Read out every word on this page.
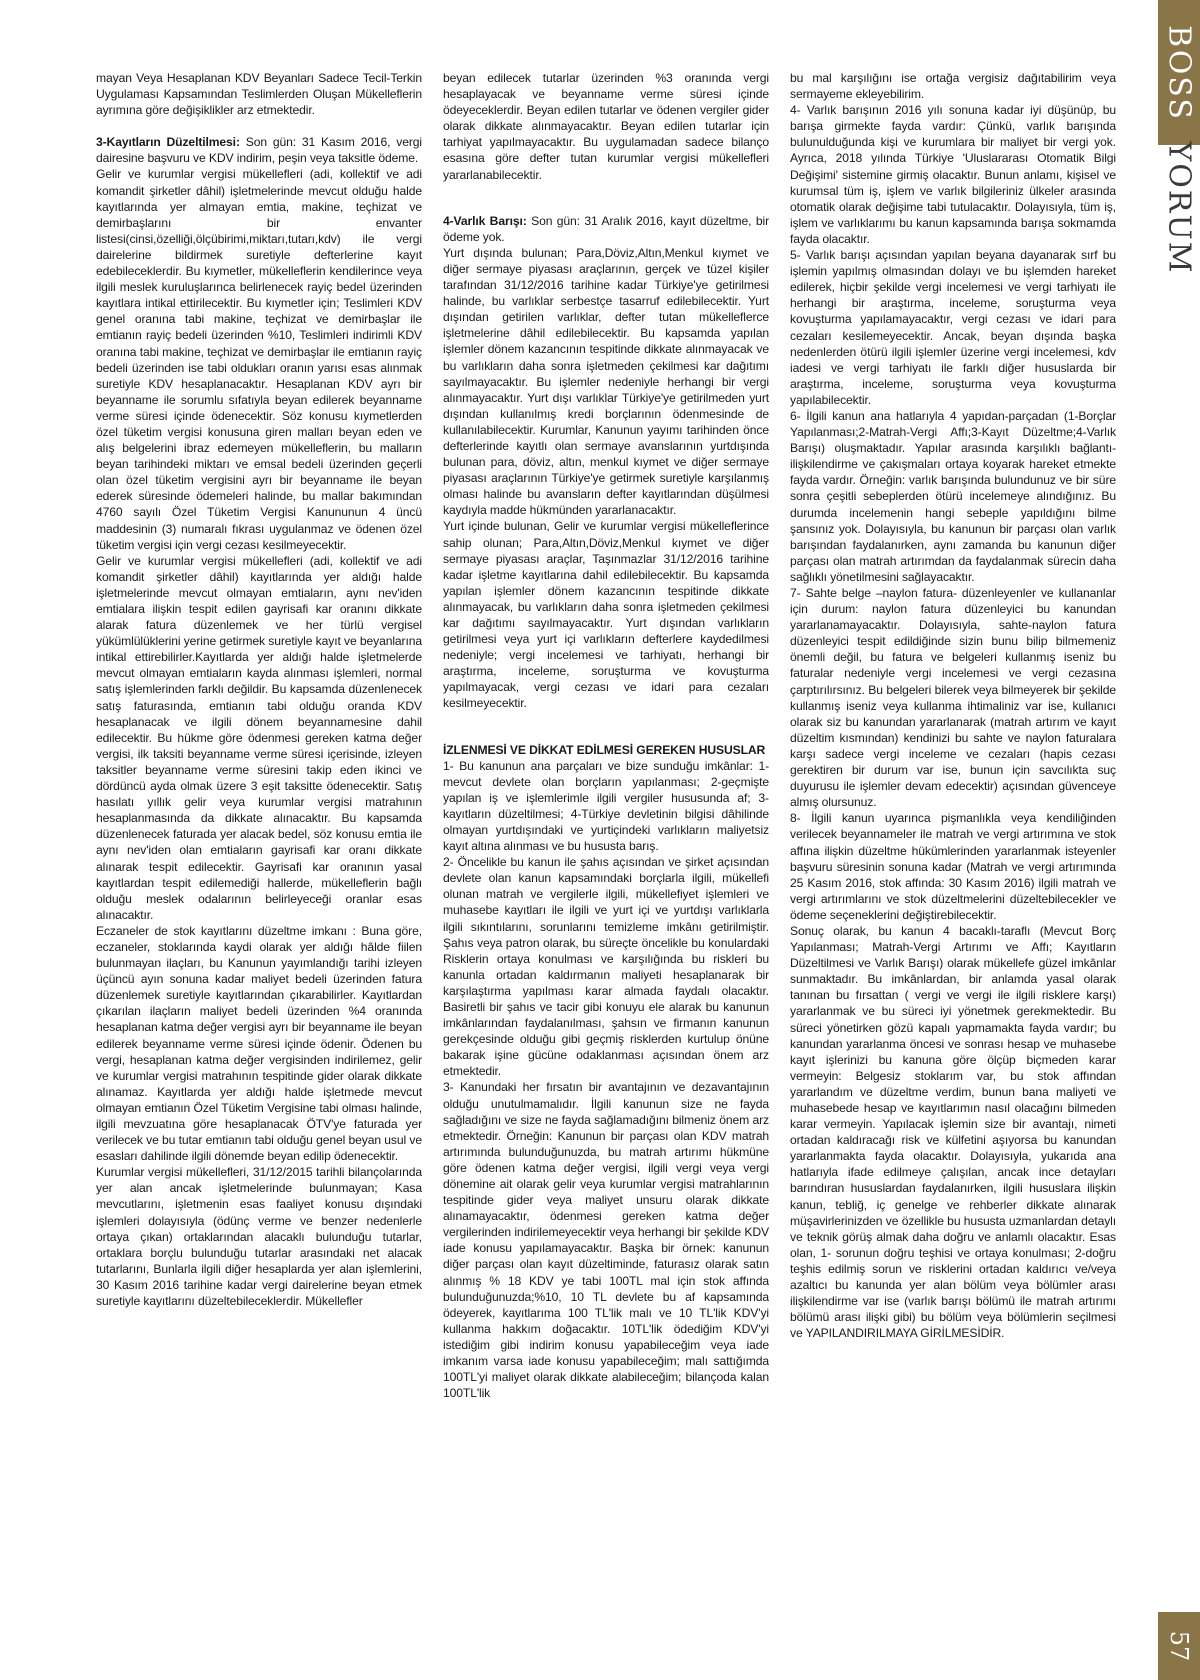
mayan Veya Hesaplanan KDV Beyanları Sadece Tecil-Terkin Uygulaması Kapsamından Teslimlerden Oluşan Mükelleflerin ayrımına göre değişiklikler arz etmektedir.

3-Kayıtların Düzeltilmesi: Son gün: 31 Kasım 2016, vergi dairesine başvuru ve KDV indirim, peşin veya taksitle ödeme.

Gelir ve kurumlar vergisi mükellefleri (adi, kollektif ve adi komandit şirketler dâhil) işletmelerinde mevcut olduğu halde kayıtlarında yer almayan emtia, makine, teçhizat ve demirbaşlarını bir envanter listesi(cinsi,özelliği,ölçübirimi,miktarı,tutarı,kdv) ile vergi dairelerine bildirmek suretiyle defterlerine kayıt edebileceklerdir. Bu kıymetler, mükelleflerin kendilerince veya ilgili meslek kuruluşlarınca belirlenecek rayiç bedel üzerinden kayıtlara intikal ettirilecektir. Bu kıymetler için; Teslimleri KDV genel oranına tabi makine, teçhizat ve demirbaşlar ile emtianın rayiç bedeli üzerinden %10, Teslimleri indirimli KDV oranına tabi makine, teçhizat ve demirbaşlar ile emtianın rayiç bedeli üzerinden ise tabi oldukları oranın yarısı esas alınmak suretiyle KDV hesaplanacaktır. Hesaplanan KDV ayrı bir beyanname ile sorumlu sıfatıyla beyan edilerek beyanname verme süresi içinde ödenecektir. Söz konusu kıymetlerden özel tüketim vergisi konusuna giren malları beyan eden ve alış belgelerini ibraz edemeyen mükelleflerin, bu malların beyan tarihindeki miktarı ve emsal bedeli üzerinden geçerli olan özel tüketim vergisini ayrı bir beyanname ile beyan ederek süresinde ödemeleri halinde, bu mallar bakımından 4760 sayılı Özel Tüketim Vergisi Kanununun 4 üncü maddesinin (3) numaralı fıkrası uygulanmaz ve ödenen özel tüketim vergisi için vergi cezası kesilmeyecektir.

Gelir ve kurumlar vergisi mükellefleri (adi, kollektif ve adi komandit şirketler dâhil) kayıtlarında yer aldığı halde işletmelerinde mevcut olmayan emtiaların, aynı nev'iden emtialara ilişkin tespit edilen gayrisafi kar oranını dikkate alarak fatura düzenlemek ve her türlü vergisel yükümlülüklerini yerine getirmek suretiyle kayıt ve beyanlarına intikal ettirebilirler.Kayıtlarda yer aldığı halde işletmelerde mevcut olmayan emtiaların kayda alınması işlemleri, normal satış işlemlerinden farklı değildir. Bu kapsamda düzenlenecek satış faturasında, emtianın tabi olduğu oranda KDV hesaplanacak ve ilgili dönem beyannamesine dahil edilecektir. Bu hükme göre ödenmesi gereken katma değer vergisi, ilk taksiti beyanname verme süresi içerisinde, izleyen taksitler beyanname verme süresini takip eden ikinci ve dördüncü ayda olmak üzere 3 eşit taksitte ödenecektir. Satış hasılatı yıllık gelir veya kurumlar vergisi matrahının hesaplanmasında da dikkate alınacaktır. Bu kapsamda düzenlenecek faturada yer alacak bedel, söz konusu emtia ile aynı nev'iden olan emtiaların gayrisafi kar oranı dikkate alınarak tespit edilecektir. Gayrisafi kar oranının yasal kayıtlardan tespit edilemediği hallerde, mükelleflerin bağlı olduğu meslek odalarının belirleyeceği oranlar esas alınacaktır.

Eczaneler de stok kayıtlarını düzeltme imkanı : Buna göre, eczaneler, stoklarında kaydi olarak yer aldığı hâlde fiilen bulunmayan ilaçları, bu Kanunun yayımlandığı tarihi izleyen üçüncü ayın sonuna kadar maliyet bedeli üzerinden fatura düzenlemek suretiyle kayıtlarından çıkarabilirler. Kayıtlardan çıkarılan ilaçların maliyet bedeli üzerinden %4 oranında hesaplanan katma değer vergisi ayrı bir beyanname ile beyan edilerek beyanname verme süresi içinde ödenir. Ödenen bu vergi, hesaplanan katma değer vergisinden indirilemez, gelir ve kurumlar vergisi matrahının tespitinde gider olarak dikkate alınamaz. Kayıtlarda yer aldığı halde işletmede mevcut olmayan emtianın Özel Tüketim Vergisine tabi olması halinde, ilgili mevzuatına göre hesaplanacak ÖTV'ye faturada yer verilecek ve bu tutar emtianın tabi olduğu genel beyan usul ve esasları dahilinde ilgili dönemde beyan edilip ödenecektir.

Kurumlar vergisi mükellefleri, 31/12/2015 tarihli bilançolarında yer alan ancak işletmelerinde bulunmayan; Kasa mevcutlarını, işletmenin esas faaliyet konusu dışındaki işlemleri dolayısıyla (ödünç verme ve benzer nedenlerle ortaya çıkan) ortaklarından alacaklı bulunduğu tutarlar, ortaklara borçlu bulunduğu tutarlar arasındaki net alacak tutarlarını, Bunlarla ilgili diğer hesaplarda yer alan işlemlerini, 30 Kasım 2016 tarihine kadar vergi dairelerine beyan etmek suretiyle kayıtlarını düzeltebileceklerdir. Mükellefler

beyan edilecek tutarlar üzerinden %3 oranında vergi hesaplayacak ve beyanname verme süresi içinde ödeyeceklerdir. Beyan edilen tutarlar ve ödenen vergiler gider olarak dikkate alınmayacaktır. Beyan edilen tutarlar için tarhiyat yapılmayacaktır. Bu uygulamadan sadece bilanço esasına göre defter tutan kurumlar vergisi mükellefleri yararlanabilecektir.

4-Varlık Barışı: Son gün: 31 Aralık 2016, kayıt düzeltme, bir ödeme yok.

Yurt dışında bulunan; Para,Döviz,Altın,Menkul kıymet ve diğer sermaye piyasası araçlarının, gerçek ve tüzel kişiler tarafından 31/12/2016 tarihine kadar Türkiye'ye getirilmesi halinde, bu varlıklar serbestçe tasarruf edilebilecektir. Yurt dışından getirilen varlıklar, defter tutan mükelleflerce işletmelerine dâhil edilebilecektir. Bu kapsamda yapılan işlemler dönem kazancının tespitinde dikkate alınmayacak ve bu varlıkların daha sonra işletmeden çekilmesi kar dağıtımı sayılmayacaktır. Bu işlemler nedeniyle herhangi bir vergi alınmayacaktır. Yurt dışı varlıklar Türkiye'ye getirilmeden yurt dışından kullanılmış kredi borçlarının ödenmesinde de kullanılabilecektir. Kurumlar, Kanunun yayımı tarihinden önce defterlerinde kayıtlı olan sermaye avanslarının yurtdışında bulunan para, döviz, altın, menkul kıymet ve diğer sermaye piyasası araçlarının Türkiye'ye getirmek suretiyle karşılanmış olması halinde bu avansların defter kayıtlarından düşülmesi kaydıyla madde hükmünden yararlanacaktır.

Yurt içinde bulunan, Gelir ve kurumlar vergisi mükelleflerince sahip olunan; Para,Altın,Döviz,Menkul kıymet ve diğer sermaye piyasası araçlar, Taşınmazlar 31/12/2016 tarihine kadar işletme kayıtlarına dahil edilebilecektir. Bu kapsamda yapılan işlemler dönem kazancının tespitinde dikkate alınmayacak, bu varlıkların daha sonra işletmeden çekilmesi kar dağıtımı sayılmayacaktır. Yurt dışından varlıkların getirilmesi veya yurt içi varlıkların defterlere kaydedilmesi nedeniyle; vergi incelemesi ve tarhiyatı, herhangi bir araştırma, inceleme, soruşturma ve kovuşturma yapılmayacak, vergi cezası ve idari para cezaları kesilmeyecektir.

İZLENMESİ VE DİKKAT EDİLMESİ GEREKEN HUSUSLAR

1- Bu kanunun ana parçaları ve bize sunduğu imkânlar: 1-mevcut devlete olan borçların yapılanması; 2-geçmişte yapılan iş ve işlemlerimle ilgili vergiler hususunda af; 3-kayıtların düzeltilmesi; 4-Türkiye devletinin bilgisi dâhilinde olmayan yurtdışındaki ve yurtiçindeki varlıkların maliyetsiz kayıt altına alınması ve bu hususta barış.

2- Öncelikle bu kanun ile şahıs açısından ve şirket açısından devlete olan kanun kapsamındaki borçlarla ilgili, mükellefi olunan matrah ve vergilerle ilgili, mükellefiyet işlemleri ve muhasebe kayıtları ile ilgili ve yurt içi ve yurtdışı varlıklarla ilgili sıkıntılarını, sorunlarını temizleme imkânı getirilmiştir. Şahıs veya patron olarak, bu süreçte öncelikle bu konulardaki Risklerin ortaya konulması ve karşılığında bu riskleri bu kanunla ortadan kaldırmanın maliyeti hesaplanarak bir karşılaştırma yapılması karar almada faydalı olacaktır. Basiretli bir şahıs ve tacir gibi konuyu ele alarak bu kanunun imkânlarından faydalanılması, şahsın ve firmanın kanunun gerekçesinde olduğu gibi geçmiş risklerden kurtulup önüne bakarak işine gücüne odaklanması açısından önem arz etmektedir.

3- Kanundaki her fırsatın bir avantajının ve dezavantajının olduğu unutulmamalıdır. İlgili kanunun size ne fayda sağladığını ve size ne fayda sağlamadığını bilmeniz önem arz etmektedir. Örneğin: Kanunun bir parçası olan KDV matrah artırımında bulunduğunuzda, bu matrah artırımı hükmüne göre ödenen katma değer vergisi, ilgili vergi veya vergi dönemine ait olarak gelir veya kurumlar vergisi matrahlarının tespitinde gider veya maliyet unsuru olarak dikkate alınamayacaktır, ödenmesi gereken katma değer vergilerinden indirilemeyecektir veya herhangi bir şekilde KDV iade konusu yapılamayacaktır. Başka bir örnek: kanunun diğer parçası olan kayıt düzeltiminde, faturasız olarak satın alınmış % 18 KDV ye tabi 100TL mal için stok affında bulunduğunuzda;%10, 10 TL devlete bu af kapsamında ödeyerek, kayıtlarıma 100 TL'lik malı ve 10 TL'lik KDV'yi kullanma hakkım doğacaktır. 10TL'lik ödediğim KDV'yi istediğim gibi indirim konusu yapabileceğim veya iade imkanım varsa iade konusu yapabileceğim; malı sattığımda 100TL'yi maliyet olarak dikkate alabileceğim; bilançoda kalan 100TL'lik

bu mal karşılığını ise ortağa vergisiz dağıtabilirim veya sermayeme ekleyebilirim.

4- Varlık barışının 2016 yılı sonuna kadar iyi düşünüp, bu barışa girmekte fayda vardır: Çünkü, varlık barışında bulunulduğunda kişi ve kurumlara bir maliyet bir vergi yok. Ayrıca, 2018 yılında Türkiye 'Uluslararası Otomatik Bilgi Değişimi' sistemine girmiş olacaktır. Bunun anlamı, kişisel ve kurumsal tüm iş, işlem ve varlık bilgileriniz ülkeler arasında otomatik olarak değişime tabi tutulacaktır. Dolayısıyla, tüm iş, işlem ve varlıklarımı bu kanun kapsamında barışa sokmamda fayda olacaktır.

5- Varlık barışı açısından yapılan beyana dayanarak sırf bu işlemin yapılmış olmasından dolayı ve bu işlemden hareket edilerek, hiçbir şekilde vergi incelemesi ve vergi tarhiyatı ile herhangi bir araştırma, inceleme, soruşturma veya kovuşturma yapılamayacaktır, vergi cezası ve idari para cezaları kesilemeyecektir. Ancak, beyan dışında başka nedenlerden ötürü ilgili işlemler üzerine vergi incelemesi, kdv iadesi ve vergi tarhiyatı ile farklı diğer hususlarda bir araştırma, inceleme, soruşturma veya kovuşturma yapılabilecektir.

6- İlgili kanun ana hatlarıyla 4 yapıdan-parçadan (1-Borçlar Yapılanması;2-Matrah-Vergi Affı;3-Kayıt Düzeltme;4-Varlık Barışı) oluşmaktadır. Yapılar arasında karşılıklı bağlantı-ilişkilendirme ve çakışmaları ortaya koyarak hareket etmekte fayda vardır. Örneğin: varlık barışında bulundunuz ve bir süre sonra çeşitli sebeplerden ötürü incelemeye alındığınız. Bu durumda incelemenin hangi sebeple yapıldığını bilme şansınız yok. Dolayısıyla, bu kanunun bir parçası olan varlık barışından faydalanırken, aynı zamanda bu kanunun diğer parçası olan matrah artırımdan da faydalanmak sürecin daha sağlıklı yönetilmesini sağlayacaktır.

7- Sahte belge –naylon fatura- düzenleyenler ve kullananlar için durum: naylon fatura düzenleyici bu kanundan yararlanamayacaktır. Dolayısıyla, sahte-naylon fatura düzenleyici tespit edildiğinde sizin bunu bilip bilmemeniz önemli değil, bu fatura ve belgeleri kullanmış iseniz bu faturalar nedeniyle vergi incelemesi ve vergi cezasına çarptırılırsınız. Bu belgeleri bilerek veya bilmeyerek bir şekilde kullanmış iseniz veya kullanma ihtimaliniz var ise, kullanıcı olarak siz bu kanundan yararlanarak (matrah artırım ve kayıt düzeltim kısmından) kendinizi bu sahte ve naylon faturalara karşı sadece vergi inceleme ve cezaları (hapis cezası gerektiren bir durum var ise, bunun için savcılıkta suç duyurusu ile işlemler devam edecektir) açısından güvenceye almış olursunuz.

8- İlgili kanun uyarınca pişmanlıkla veya kendiliğinden verilecek beyannameler ile matrah ve vergi artırımına ve stok affına ilişkin düzeltme hükümlerinden yararlanmak isteyenler başvuru süresinin sonuna kadar (Matrah ve vergi artırımında 25 Kasım 2016, stok affında: 30 Kasım 2016) ilgili matrah ve vergi artırımlarını ve stok düzeltmelerini düzeltebilecekler ve ödeme seçeneklerini değiştirebilecektir.

Sonuç olarak, bu kanun 4 bacaklı-taraflı (Mevcut Borç Yapılanması; Matrah-Vergi Artırımı ve Affı; Kayıtların Düzeltilmesi ve Varlık Barışı) olarak mükellefe güzel imkânlar sunmaktadır. Bu imkânlardan, bir anlamda yasal olarak tanınan bu fırsattan ( vergi ve vergi ile ilgili risklere karşı) yararlanmak ve bu süreci iyi yönetmek gerekmektedir. Bu süreci yönetirken gözü kapalı yapmamakta fayda vardır; bu kanundan yararlanma öncesi ve sonrası hesap ve muhasebe kayıt işlerinizi bu kanuna göre ölçüp biçmeden karar vermeyin: Belgesiz stoklarım var, bu stok affından yararlandım ve düzeltme verdim, bunun bana maliyeti ve muhasebede hesap ve kayıtlarımın nasıl olacağını bilmeden karar vermeyin. Yapılacak işlemin size bir avantajı, nimeti ortadan kaldıracağı risk ve külfetini aşıyorsa bu kanundan yararlanmakta fayda olacaktır. Dolayısıyla, yukarıda ana hatlarıyla ifade edilmeye çalışılan, ancak ince detayları barındıran hususlardan faydalanırken, ilgili hususlara ilişkin kanun, tebliğ, iç genelge ve rehberler dikkate alınarak müşavirlerinizden ve özellikle bu hususta uzmanlardan detaylı ve teknik görüş almak daha doğru ve anlamlı olacaktır. Esas olan, 1- sorunun doğru teşhisi ve ortaya konulması; 2-doğru teşhis edilmiş sorun ve risklerini ortadan kaldırıcı ve/veya azaltıcı bu kanunda yer alan bölüm veya bölümler arası ilişkilendirme var ise (varlık barışı bölümü ile matrah artırımı bölümü arası ilişki gibi) bu bölüm veya bölümlerin seçilmesi ve YAPILANDIRILMAYA GİRİLMESİDİR.

BOSS
YORUM
57
